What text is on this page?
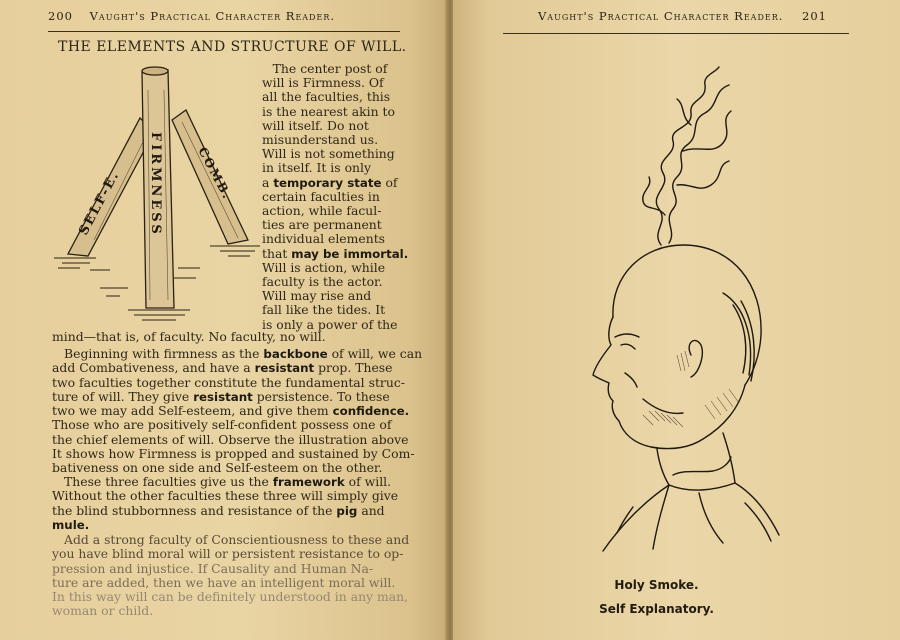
200 Vaught's Practical Character Reader.
THE ELEMENTS AND STRUCTURE OF WILL.
SELF-E. FIRMNESS	COMB.
The center post of
will is Firmness. Of
all the faculties, this
is the nearest akin to
will itself. Do not
misunderstand us.
Will is not something
in itself. It is only
a temporary state of
certain faculties in
action, while facul-
ties are permanent
individual elements
that may be immortal.
Will is action, while
faculty is the actor.
Will may rise and
fall like the tides. It
is only a power of the
mind—that is, of faculty. No faculty, no will.
Beginning with firmness as the backbone of will, we can
add Combativeness, and have a resistant prop. These
two faculties together constitute the fundamental struc-
ture of will. They give resistant persistence. To these
two we may add Self-esteem, and give them confidence.
Those who are positively self-confident possess one of
the chief elements of will. Observe the illustration above
It shows how Firmness is propped and sustained by Com-
bativeness on one side and Self-esteem on the other.
These three faculties give us the framework of will.
Without the other faculties these three will simply give
the blind stubbornness and resistance of the pig and
mule.
Add a strong faculty of Conscientiousness to these and
you have blind moral will or persistent resistance to op-
pression and injustice. If Causality and Human Na-
ture are added, then we have an intelligent moral will.
In this way will can be definitely understood in any man,
woman or child.
Vaught's Practical Character Reader. 201
Holy Smoke.
Self Explanatory.
